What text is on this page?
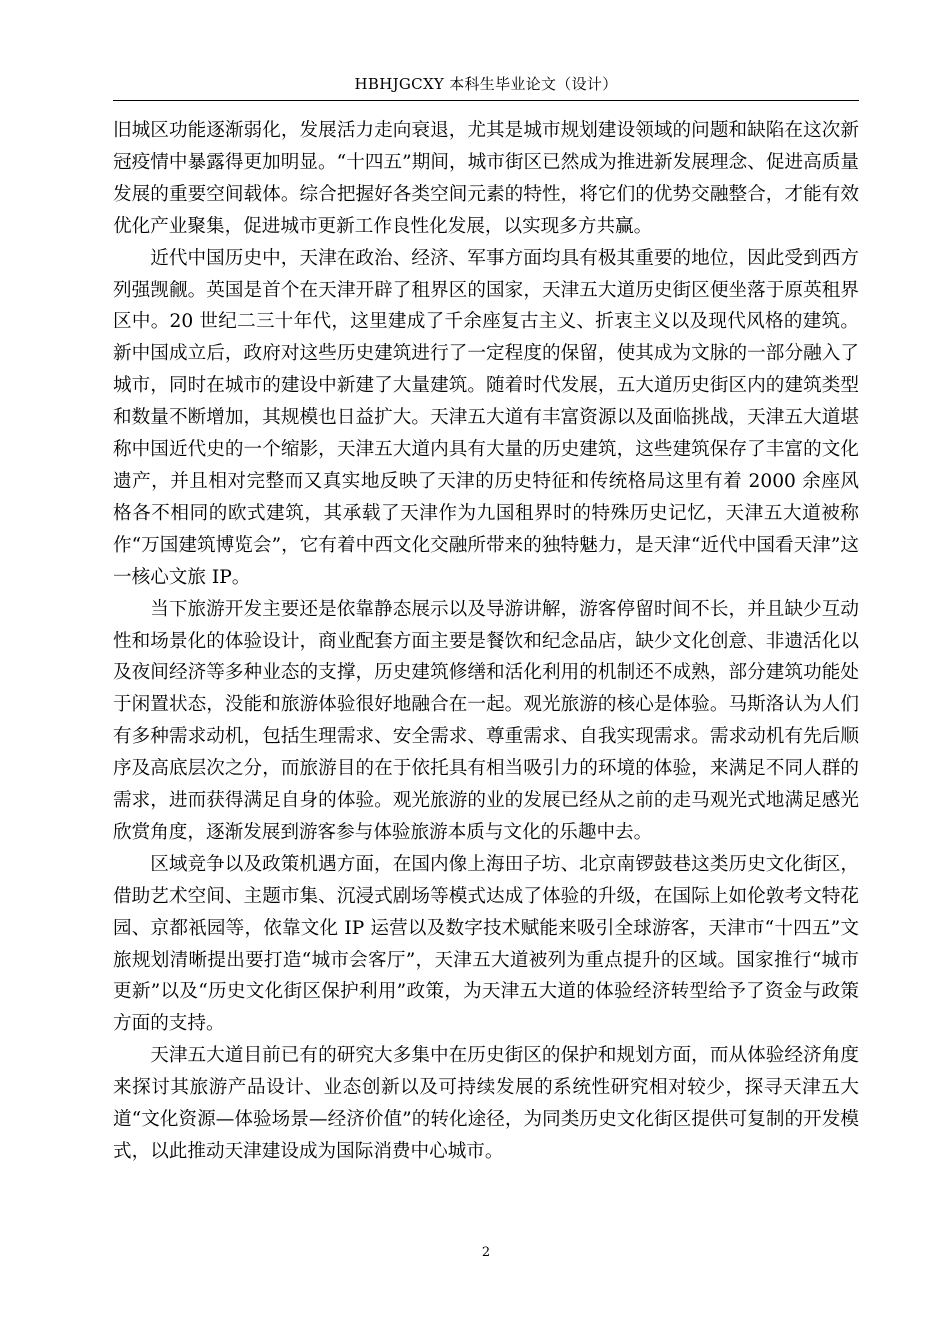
HBHJGCXY 本科生毕业论文（设计）

旧城区功能逐渐弱化，发展活力走向衰退，尤其是城市规划建设领域的问题和缺陷在这次新冠疫情中暴露得更加明显。“十四五”期间，城市街区已然成为推进新发展理念、促进高质量发展的重要空间载体。综合把握好各类空间元素的特性，将它们的优势交融整合，才能有效优化产业聚集，促进城市更新工作良性化发展，以实现多方共赢。

近代中国历史中，天津在政治、经济、军事方面均具有极其重要的地位，因此受到西方列强觊觎。英国是首个在天津开辟了租界区的国家，天津五大道历史街区便坐落于原英租界区中。20 世纪二三十年代，这里建成了千余座复古主义、折衷主义以及现代风格的建筑。新中国成立后，政府对这些历史建筑进行了一定程度的保留，使其成为文脉的一部分融入了城市，同时在城市的建设中新建了大量建筑。随着时代发展，五大道历史街区内的建筑类型和数量不断增加，其规模也日益扩大。天津五大道有丰富资源以及面临挑战，天津五大道堪称中国近代史的一个缩影，天津五大道内具有大量的历史建筑，这些建筑保存了丰富的文化遗产，并且相对完整而又真实地反映了天津的历史特征和传统格局这里有着 2000 余座风格各不相同的欧式建筑，其承载了天津作为九国租界时的特殊历史记忆，天津五大道被称作“万国建筑博览会”，它有着中西文化交融所带来的独特魅力，是天津“近代中国看天津”这一核心文旅 IP。

当下旅游开发主要还是依靠静态展示以及导游讲解，游客停留时间不长，并且缺少互动性和场景化的体验设计，商业配套方面主要是餐饮和纪念品店，缺少文化创意、非遗活化以及夜间经济等多种业态的支撑，历史建筑修缮和活化利用的机制还不成熟，部分建筑功能处于闲置状态，没能和旅游体验很好地融合在一起。观光旅游的核心是体验。马斯洛认为人们有多种需求动机，包括生理需求、安全需求、尊重需求、自我实现需求。需求动机有先后顺序及高底层次之分，而旅游目的在于依托具有相当吸引力的环境的体验，来满足不同人群的需求，进而获得满足自身的体验。观光旅游的业的发展已经从之前的走马观光式地满足感光欣赏角度，逐渐发展到游客参与体验旅游本质与文化的乐趣中去。

区域竞争以及政策机遇方面，在国内像上海田子坊、北京南锣鼓巷这类历史文化街区，借助艺术空间、主题市集、沉浸式剧场等模式达成了体验的升级，在国际上如伦敦考文特花园、京都祇园等，依靠文化 IP 运营以及数字技术赋能来吸引全球游客，天津市“十四五”文旅规划清晰提出要打造“城市会客厅”，天津五大道被列为重点提升的区域。国家推行“城市更新”以及“历史文化街区保护利用”政策，为天津五大道的体验经济转型给予了资金与政策方面的支持。

天津五大道目前已有的研究大多集中在历史街区的保护和规划方面，而从体验经济角度来探讨其旅游产品设计、业态创新以及可持续发展的系统性研究相对较少，探寻天津五大道“文化资源—体验场景—经济价值”的转化途径，为同类历史文化街区提供可复制的开发模式，以此推动天津建设成为国际消费中心城市。

2
